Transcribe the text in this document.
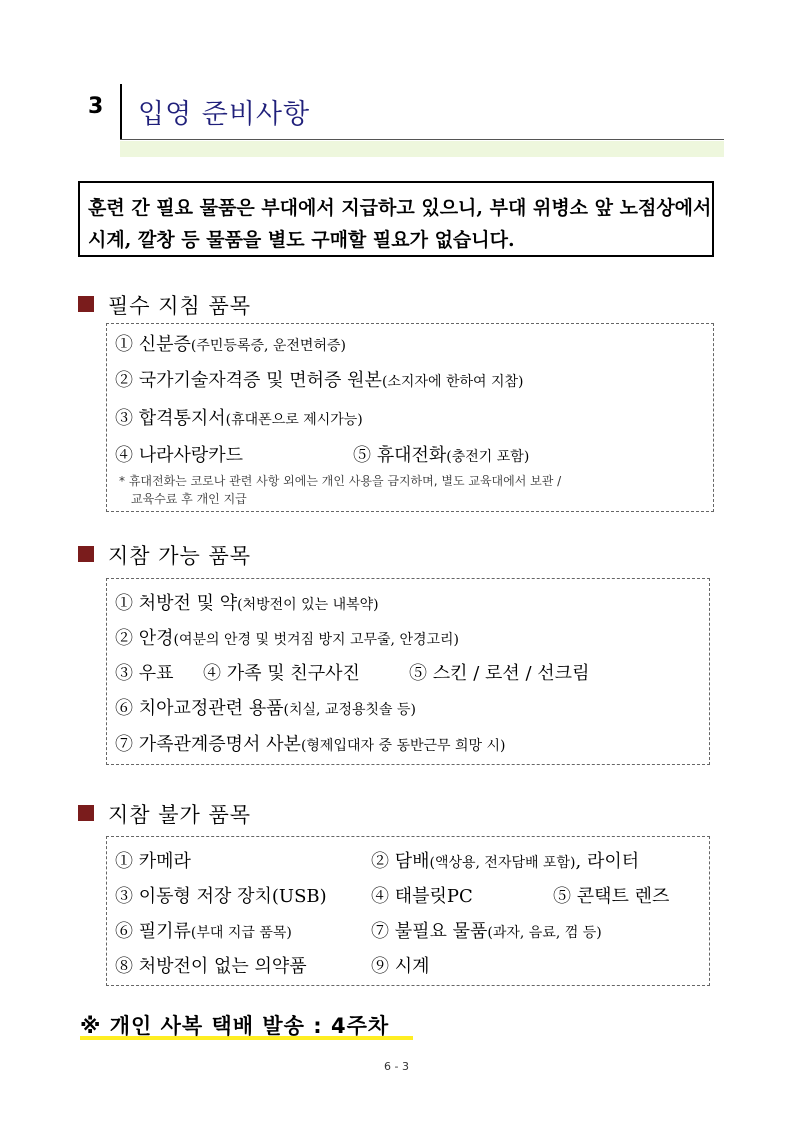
3 입영 준비사항
훈련 간 필요 물품은 부대에서 지급하고 있으니, 부대 위병소 앞 노점상에서
시계, 깔창 등 물품을 별도 구매할 필요가 없습니다.
필수 지침 품목
① 신분증(주민등록증, 운전면허증)
② 국가기술자격증 및 면허증 원본(소지자에 한하여 지참)
③ 합격통지서(휴대폰으로 제시가능)
④ 나라사랑카드	⑤ 휴대전화(충전기 포함)
* 휴대전화는 코로나 관련 사항 외에는 개인 사용을 금지하며, 별도 교육대에서 보관 /
교육수료 후 개인 지급
지참 가능 품목
① 처방전 및 약(처방전이 있는 내복약)
② 안경(여분의 안경 및 벗겨짐 방지 고무줄, 안경고리)
③ 우표 ④ 가족 및 친구사진	⑤ 스킨 / 로션 / 선크림
⑥ 치아교정관련 용품(치실, 교정용칫솔 등)
⑦ 가족관계증명서 사본(형제입대자 중 동반근무 희망 시)
지참 불가 품목
① 카메라	② 담배(액상용, 전자담배 포함), 라이터
③ 이동형 저장 장치(USB) ④ 태블릿PC	⑤ 콘택트 렌즈
⑥ 필기류(부대 지급 품목)	⑦ 불필요 물품(과자, 음료, 껌 등)
⑧ 처방전이 없는 의약품	⑨ 시계
※ 개인 사복 택배 발송 : 4주차
6 - 3
